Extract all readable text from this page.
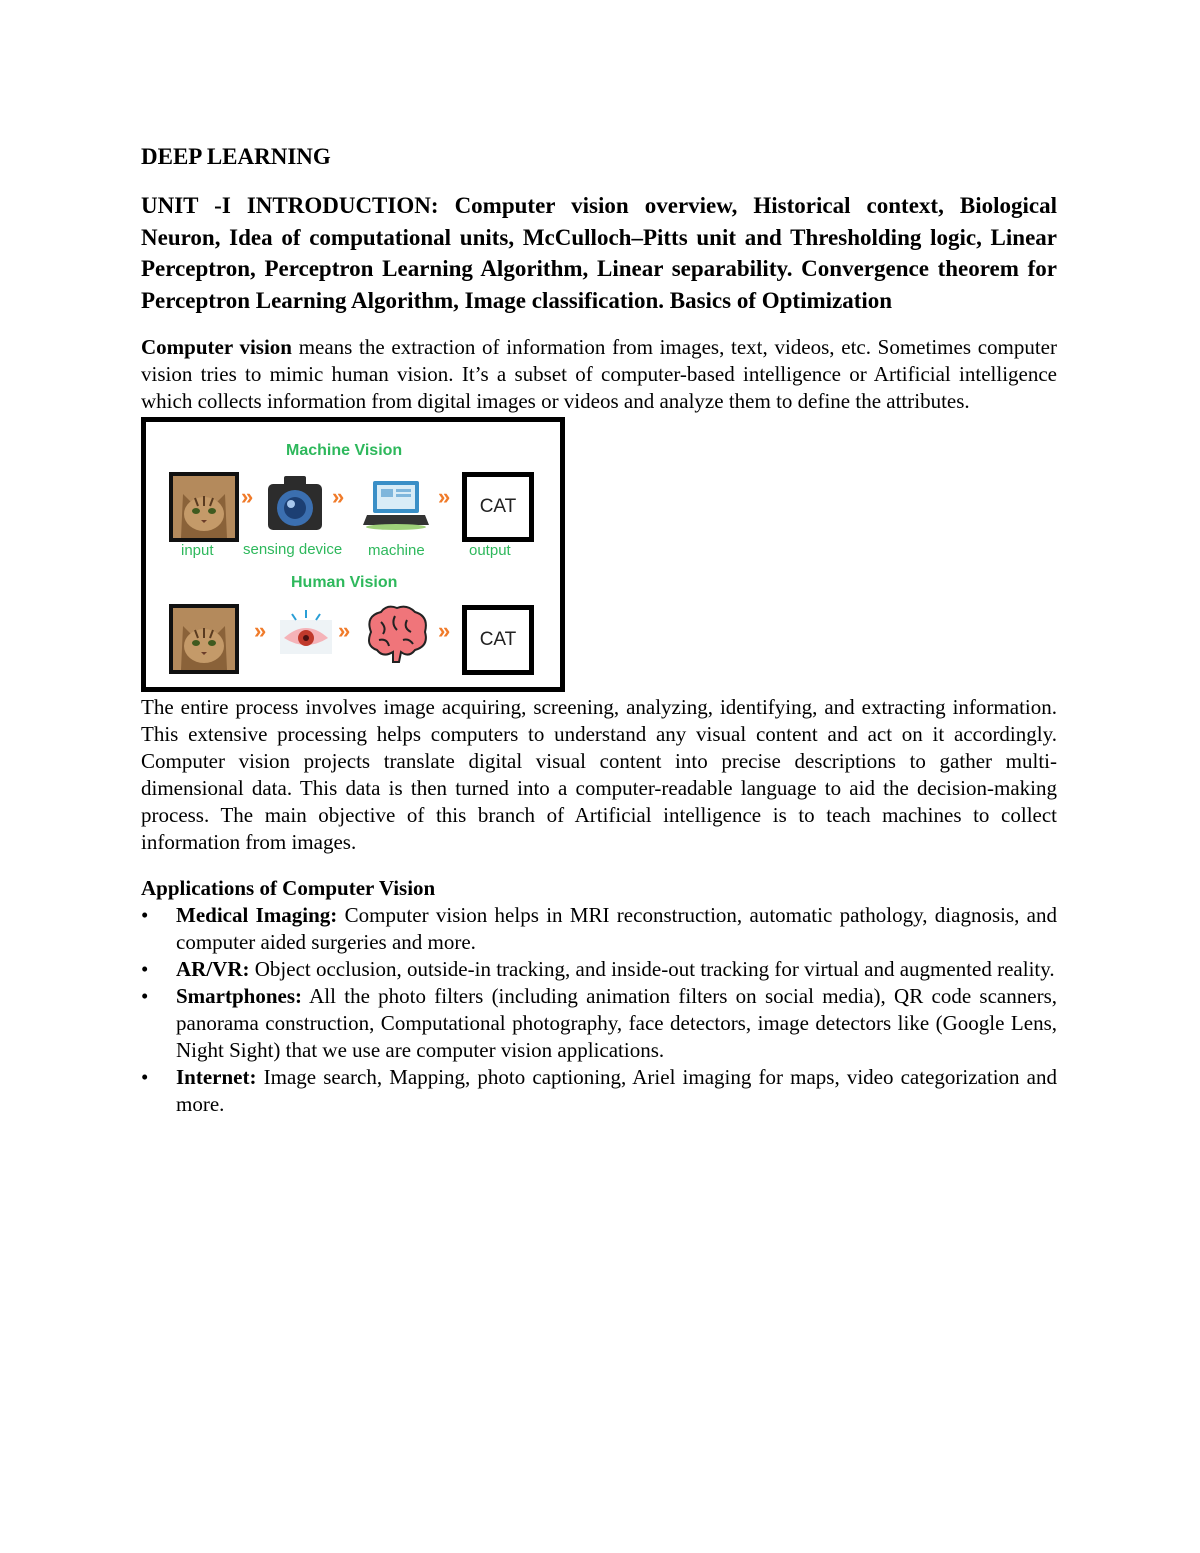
DEEP LEARNING
UNIT -I INTRODUCTION: Computer vision overview, Historical context, Biological Neuron, Idea of computational units, McCulloch–Pitts unit and Thresholding logic, Linear Perceptron, Perceptron Learning Algorithm, Linear separability. Convergence theorem for Perceptron Learning Algorithm, Image classification. Basics of Optimization

Computer vision means the extraction of information from images, text, videos, etc. Sometimes computer vision tries to mimic human vision. It’s a subset of computer-based intelligence or Artificial intelligence which collects information from digital images or videos and analyze them to define the attributes.

Machine Vision
»	»	»	CAT
input sensing device machine	output
Human Vision
»	»	»	CAT

The entire process involves image acquiring, screening, analyzing, identifying, and extracting information. This extensive processing helps computers to understand any visual content and act on it accordingly. Computer vision projects translate digital visual content into precise descriptions to gather multi-dimensional data. This data is then turned into a computer-readable language to aid the decision-making process. The main objective of this branch of Artificial intelligence is to teach machines to collect information from images.

Applications of Computer Vision
• Medical Imaging: Computer vision helps in MRI reconstruction, automatic pathology, diagnosis, and computer aided surgeries and more.
• AR/VR: Object occlusion, outside-in tracking, and inside-out tracking for virtual and augmented reality.
• Smartphones: All the photo filters (including animation filters on social media), QR code scanners, panorama construction, Computational photography, face detectors, image detectors like (Google Lens, Night Sight) that we use are computer vision applications.
• Internet: Image search, Mapping, photo captioning, Ariel imaging for maps, video categorization and more.
